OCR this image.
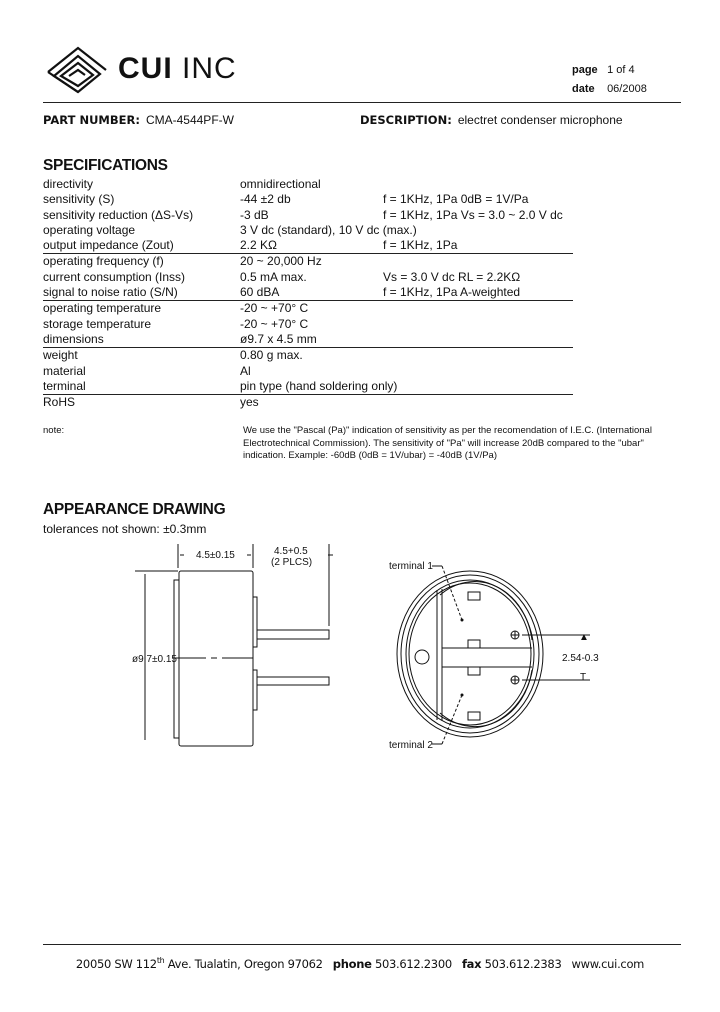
CUI INC	page 1 of 4
date 06/2008
PART NUMBER: CMA-4544PF-W	DESCRIPTION: electret condenser microphone
SPECIFICATIONS
directivity	omnidirectional
sensitivity (S)	-44 ±2 db	f = 1KHz, 1Pa 0dB = 1V/Pa
sensitivity reduction (ΔS-Vs)	-3 dB	f = 1KHz, 1Pa Vs = 3.0 ~ 2.0 V dc
operating voltage	3 V dc (standard), 10 V dc (max.)
output impedance (Zout)	2.2 KΩ	f = 1KHz, 1Pa
operating frequency (f)	20 ~ 20,000 Hz
current consumption (Inss)	0.5 mA max.	Vs = 3.0 V dc RL = 2.2KΩ
signal to noise ratio (S/N)	60 dBA	f = 1KHz, 1Pa A-weighted
operating temperature	-20 ~ +70° C
storage temperature	-20 ~ +70° C
dimensions	ø9.7 x 4.5 mm
weight	0.80 g max.
material	Al
terminal	pin type (hand soldering only)
RoHS	yes
note:	We use the "Pascal (Pa)" indication of sensitivity as per the recomendation of I.E.C. (International Electrotechnical Commission). The sensitivity of "Pa" will increase 20dB compared to the "ubar" indication. Example: -60dB (0dB = 1V/ubar) = -40dB (1V/Pa)
APPEARANCE DRAWING
tolerances not shown: ±0.3mm
4.5±0.15	4.5+0.5
(2 PLCS)
ø9.7±0.15
▲
T
terminal 1
terminal 2
2.54-0.3
20050 SW 112th Ave. Tualatin, Oregon 97062 phone 503.612.2300 fax 503.612.2383 www.cui.com
